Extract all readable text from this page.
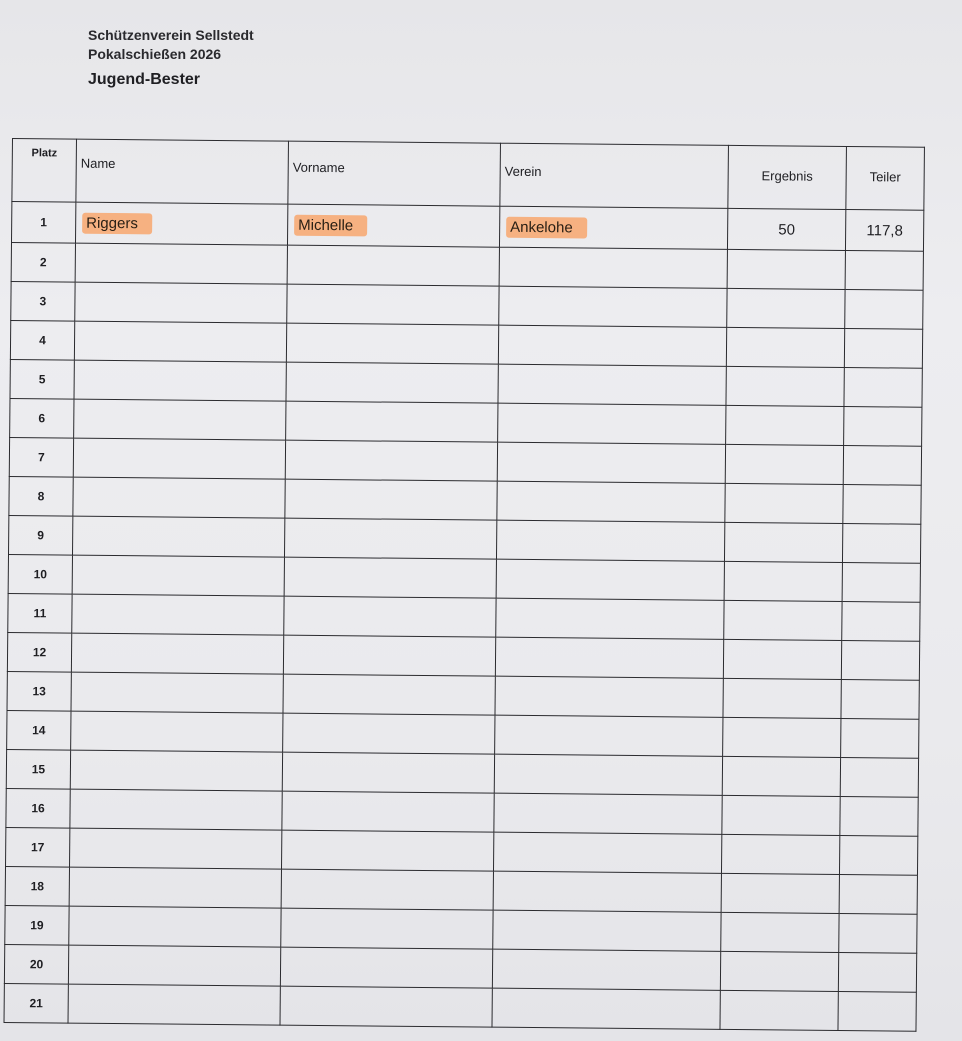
Schützenverein Sellstedt
Pokalschießen 2026
Jugend-Bester
Platz	Name	Vorname	Verein	Ergebnis	Teiler
1	Riggers	Michelle	Ankelohe	50	117,8
2					
3					
4					
5					
6					
7					
8					
9					
10					
11					
12					
13					
14					
15					
16					
17					
18					
19					
20					
21					
